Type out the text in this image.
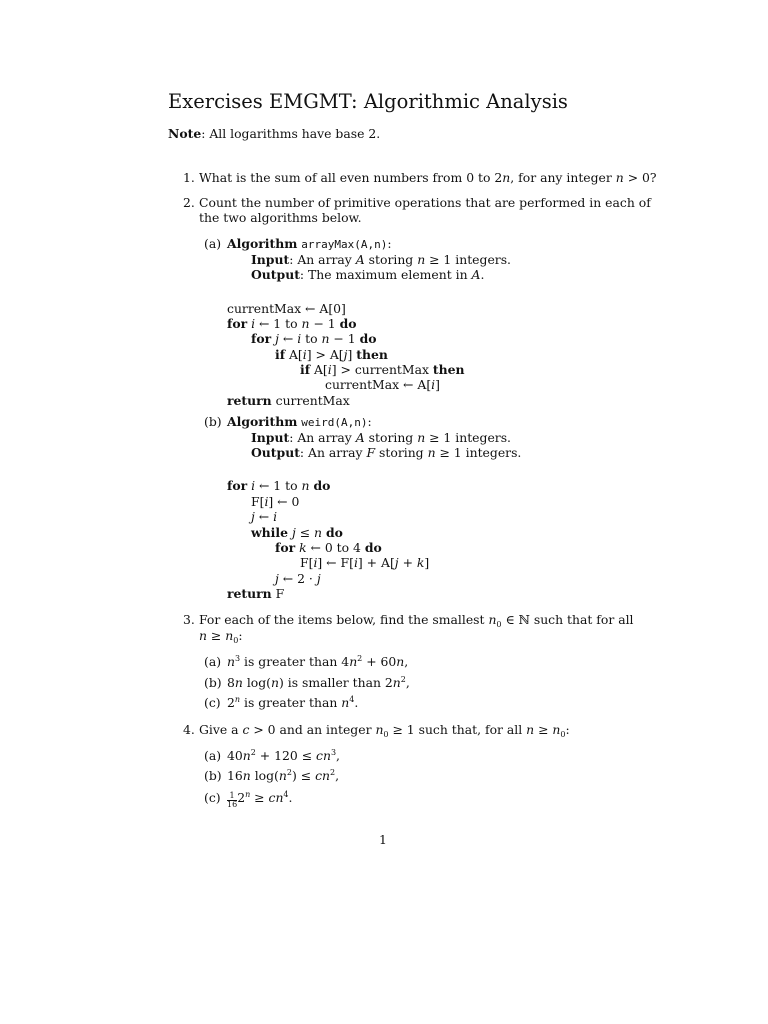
Exercises EMGMT: Algorithmic Analysis
Note: All logarithms have base 2.
1. What is the sum of all even numbers from 0 to 2n, for any integer n > 0?
2. Count the number of primitive operations that are performed in each of
the two algorithms below.
(a) Algorithm arrayMax(A,n):
Input: An array A storing n ≥ 1 integers.
Output: The maximum element in A.
currentMax ← A[0]
for i ← 1 to n − 1 do
for j ← i to n − 1 do
if A[i] > A[j] then
if A[i] > currentMax then
currentMax ← A[i]
return currentMax
(b) Algorithm weird(A,n):
Input: An array A storing n ≥ 1 integers.
Output: An array F storing n ≥ 1 integers.
for i ← 1 to n do
F[i] ← 0
j ← i
while j ≤ n do
for k ← 0 to 4 do
F[i] ← F[i] + A[j + k]
j ← 2 · j
return F
3. For each of the items below, find the smallest $n_0$ ∈ ℕ such that for all
$n \ge n_0$:
(a) $n^3$ is greater than $4n^2 + 60n$,
(b) 8n log(n) is smaller than $2n^2$,
(c) 2$^n$ is greater than $n^4$.
4. Give a c > 0 and an integer $n_0 \ge 1$ such that, for all $n \ge n_0$:
(a) $40n^2 + 120 \le cn^3$,
(b) 16n $\log(n^2) \le cn^2$,
$(c) \frac{1}{16} 2^n \ge cn^4$.
1
